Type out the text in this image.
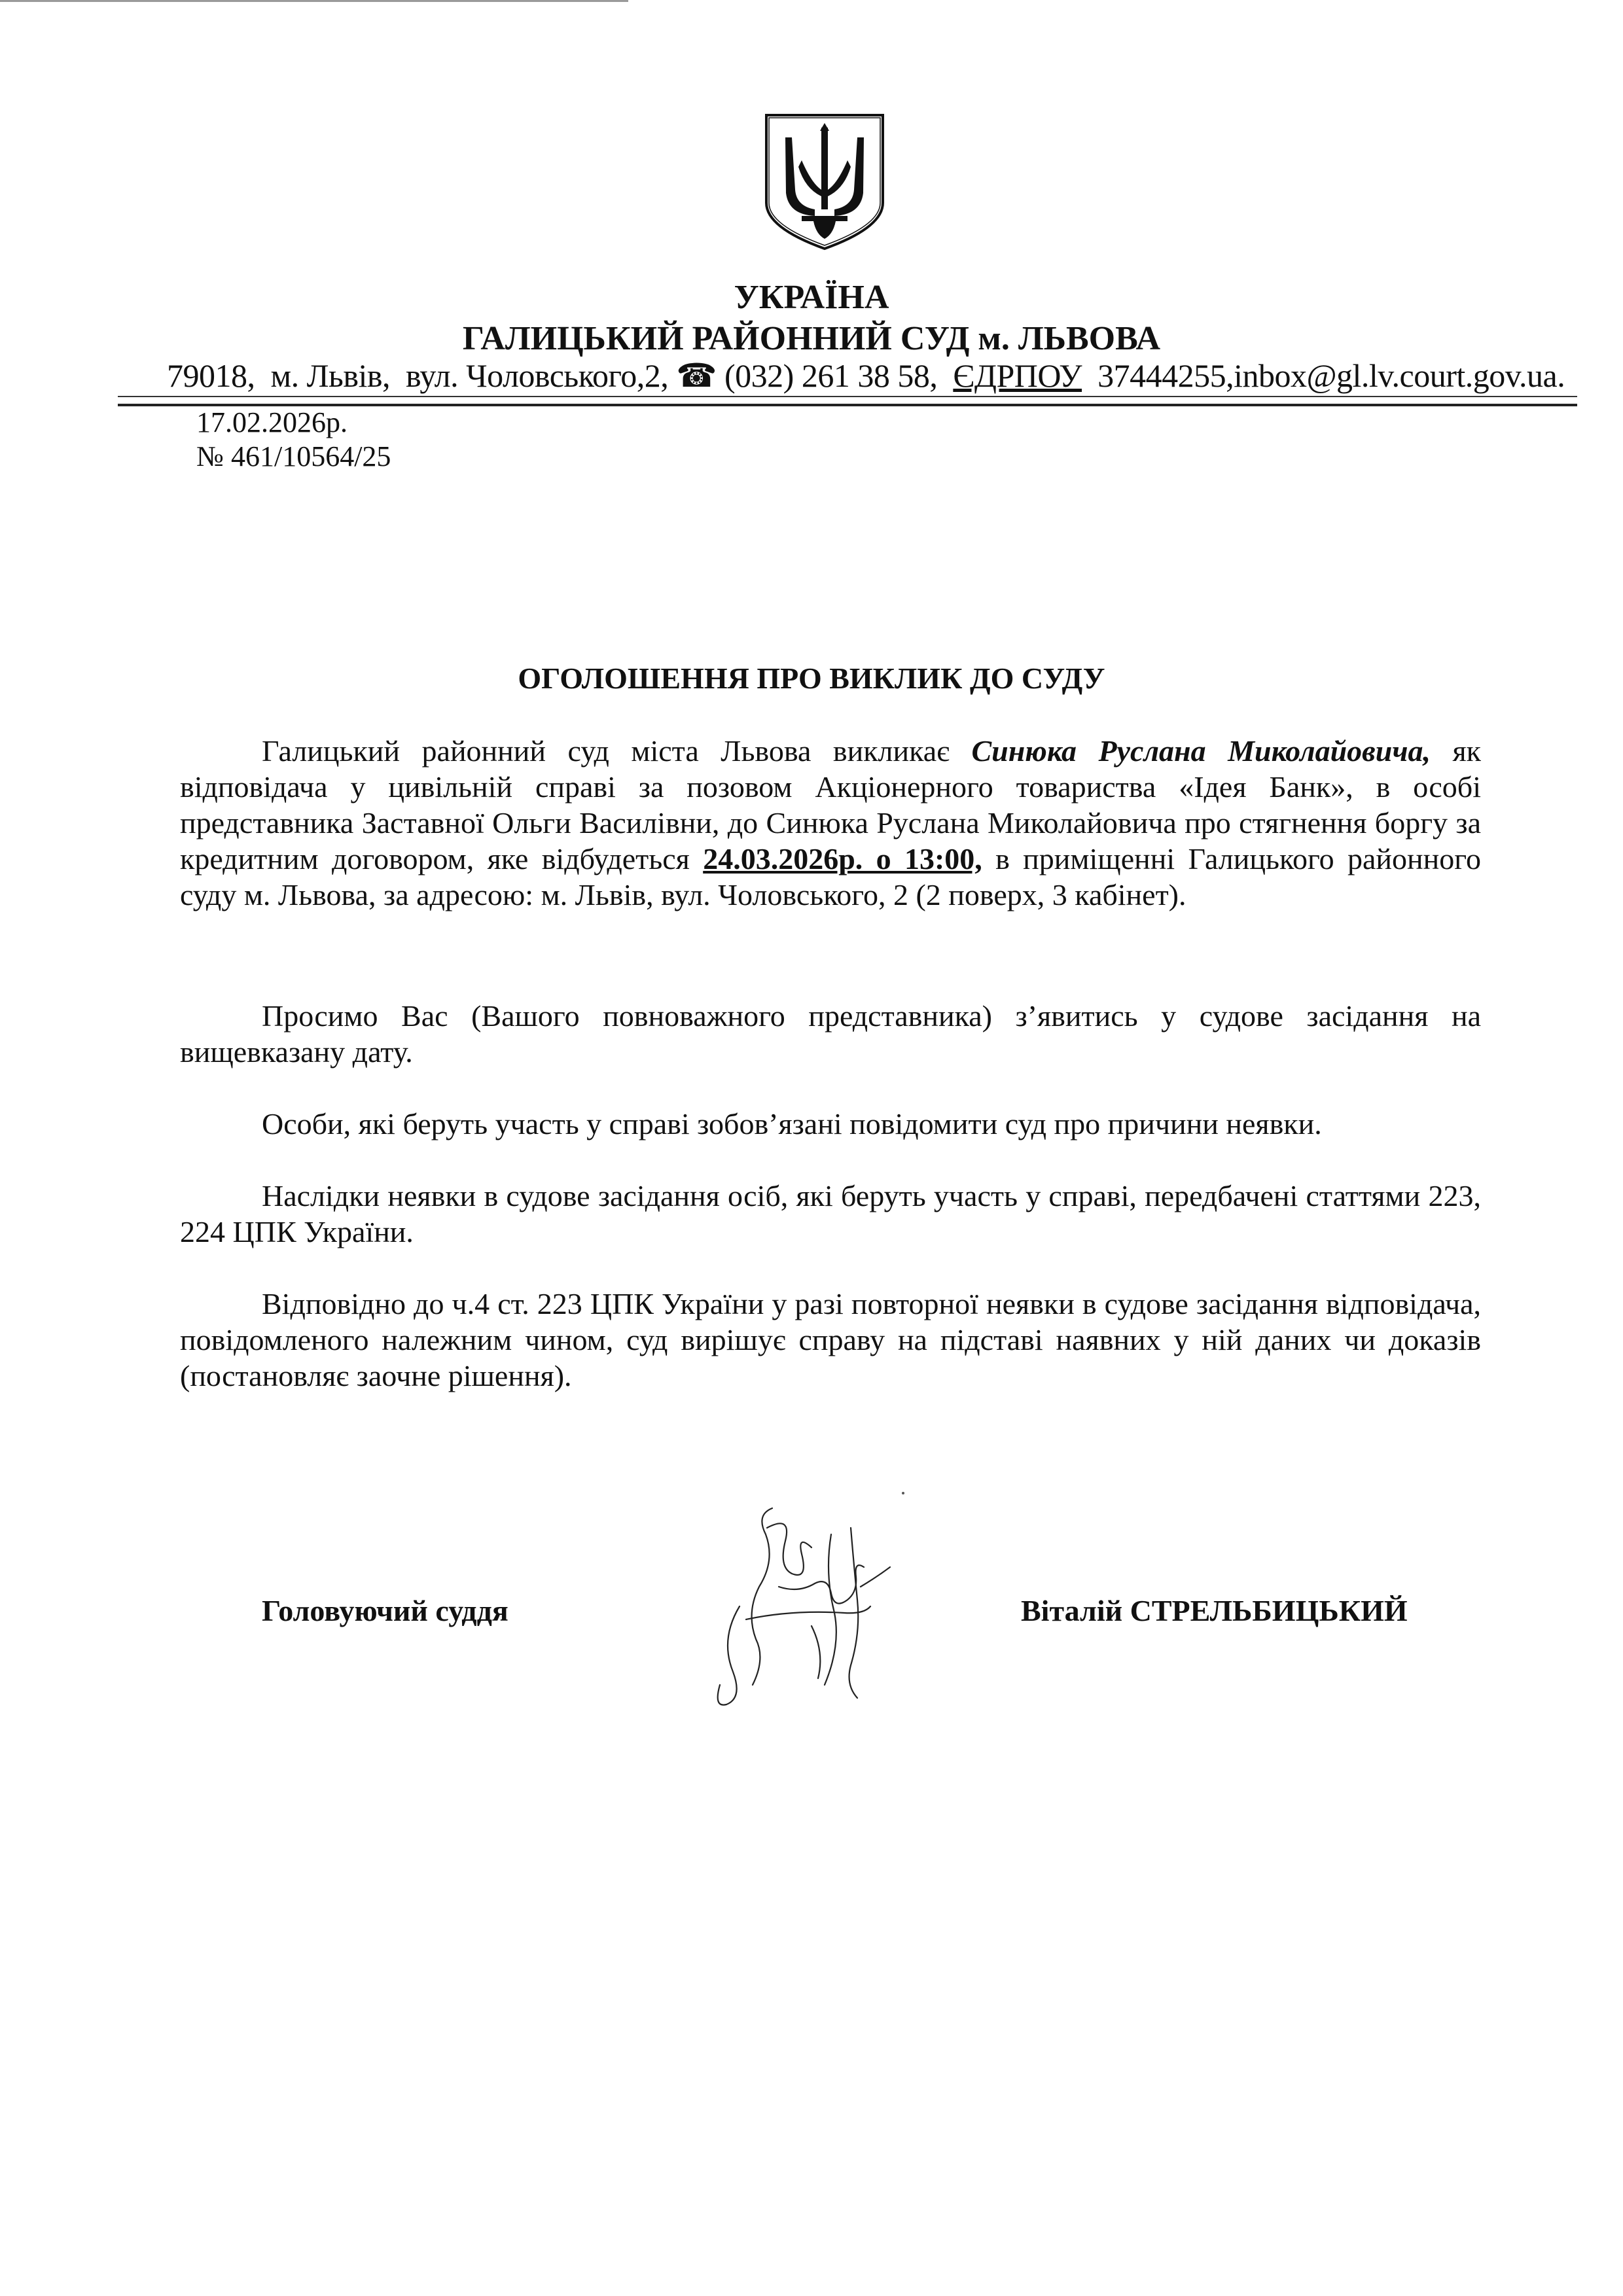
УКРАЇНА
ГАЛИЦЬКИЙ РАЙОННИЙ СУД м. ЛЬВОВА
79018, м. Львів, вул. Чоловського,2, ☎ (032) 261 38 58, ЄДРПОУ 37444255,inbox@gl.lv.court.gov.ua.
17.02.2026р.
№ 461/10564/25
ОГОЛОШЕННЯ ПРО ВИКЛИК ДО СУДУ
Галицький районний суд міста Львова викликає Синюка Руслана Миколайовича, як відповідача у цивільній справі за позовом Акціонерного товариства «Ідея Банк», в особі представника Заставної Ольги Василівни, до Синюка Руслана Миколайовича про стягнення боргу за кредитним договором, яке відбудеться 24.03.2026р. о 13:00, в приміщенні Галицького районного суду м. Львова, за адресою: м. Львів, вул. Чоловського, 2 (2 поверх, 3 кабінет).
Просимо Вас (Вашого повноважного представника) з’явитись у судове засідання на вищевказану дату.
Особи, які беруть участь у справі зобов’язані повідомити суд про причини неявки.
Наслідки неявки в судове засідання осіб, які беруть участь у справі, передбачені статтями 223, 224 ЦПК України.
Відповідно до ч.4 ст. 223 ЦПК України у разі повторної неявки в судове засідання відповідача, повідомленого належним чином, суд вирішує справу на підставі наявних у ній даних чи доказів (постановляє заочне рішення).
Головуючий суддя	Віталій СТРЕЛЬБИЦЬКИЙ
